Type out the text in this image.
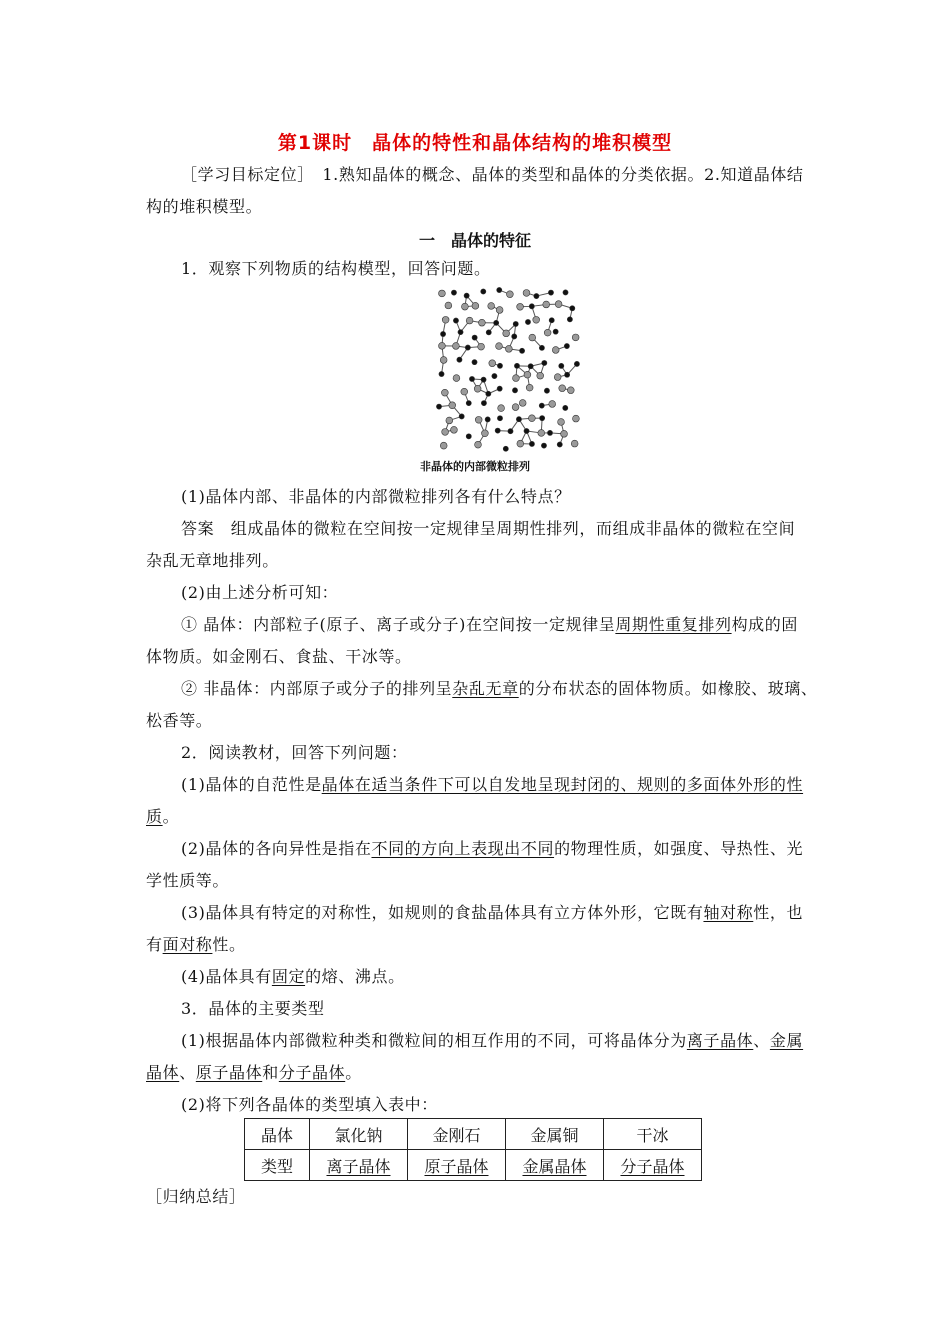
第1课时　晶体的特性和晶体结构的堆积模型
［学习目标定位］　1.熟知晶体的概念、晶体的类型和晶体的分类依据。2.知道晶体结
构的堆积模型。
一　晶体的特征
1．观察下列物质的结构模型，回答问题。
非晶体的内部微粒排列
(1)晶体内部、非晶体的内部微粒排列各有什么特点？
答案　组成晶体的微粒在空间按一定规律呈周期性排列，而组成非晶体的微粒在空间
杂乱无章地排列。
(2)由上述分析可知：
① 晶体：内部粒子(原子、离子或分子)在空间按一定规律呈周期性重复排列构成的固
体物质。如金刚石、食盐、干冰等。
② 非晶体：内部原子或分子的排列呈杂乱无章的分布状态的固体物质。如橡胶、玻璃、
松香等。
2．阅读教材，回答下列问题：
(1)晶体的自范性是晶体在适当条件下可以自发地呈现封闭的、规则的多面体外形的性
质。
(2)晶体的各向异性是指在不同的方向上表现出不同的物理性质，如强度、导热性、光
学性质等。
(3)晶体具有特定的对称性，如规则的食盐晶体具有立方体外形，它既有轴对称性，也
有面对称性。
(4)晶体具有固定的熔、沸点。
3．晶体的主要类型
(1)根据晶体内部微粒种类和微粒间的相互作用的不同，可将晶体分为离子晶体、金属
晶体、原子晶体和分子晶体。
(2)将下列各晶体的类型填入表中：
晶体	氯化钠	金刚石	金属铜	干冰
类型	离子晶体	原子晶体	金属晶体	分子晶体
［归纳总结］
